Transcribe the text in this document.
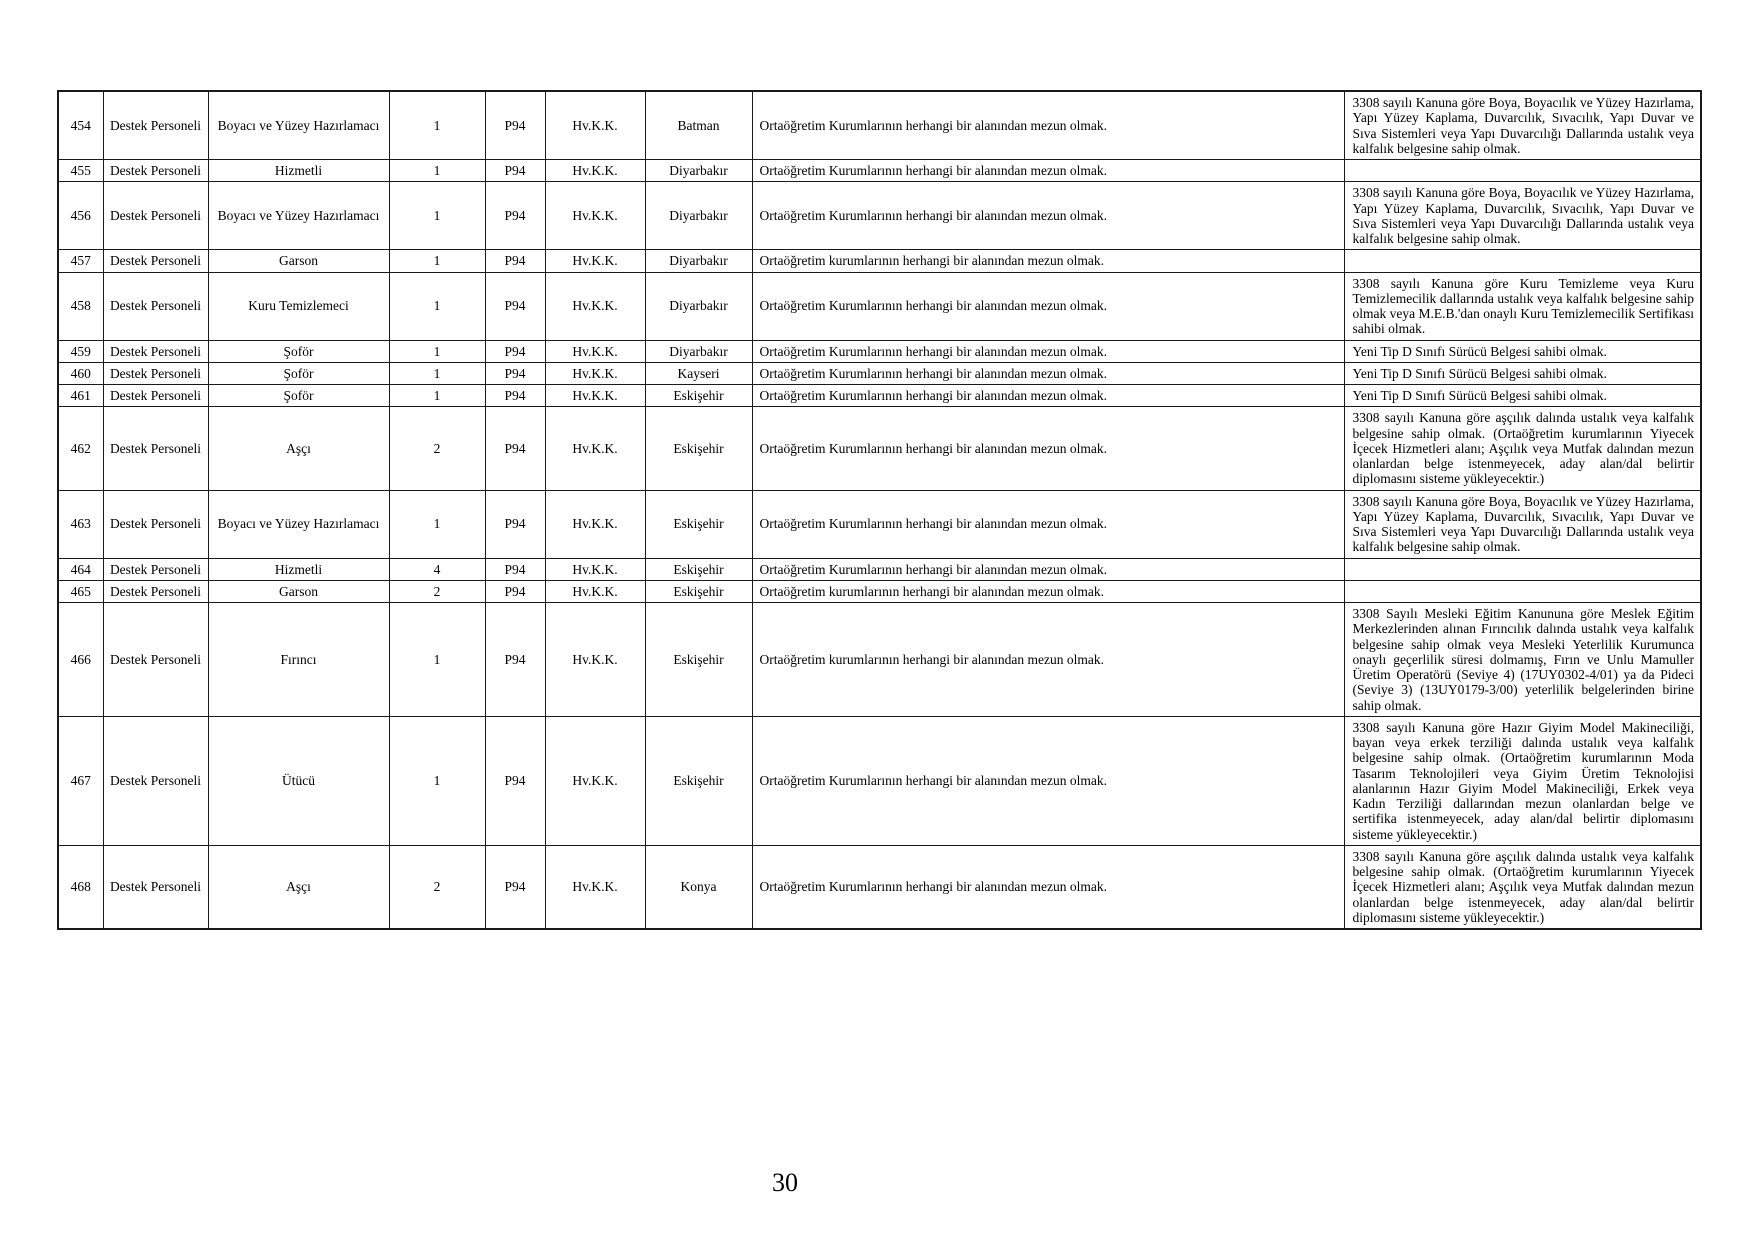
454	Destek Personeli	Boyacı ve Yüzey Hazırlamacı	1	P94	Hv.K.K.	Batman	Ortaöğretim Kurumlarının herhangi bir alanından mezun olmak.	3308 sayılı Kanuna göre Boya, Boyacılık ve Yüzey Hazırlama, Yapı Yüzey Kaplama, Duvarcılık, Sıvacılık, Yapı Duvar ve Sıva Sistemleri veya Yapı Duvarcılığı Dallarında ustalık veya kalfalık belgesine sahip olmak.
455	Destek Personeli	Hizmetli	1	P94	Hv.K.K.	Diyarbakır	Ortaöğretim Kurumlarının herhangi bir alanından mezun olmak.	
456	Destek Personeli	Boyacı ve Yüzey Hazırlamacı	1	P94	Hv.K.K.	Diyarbakır	Ortaöğretim Kurumlarının herhangi bir alanından mezun olmak.	3308 sayılı Kanuna göre Boya, Boyacılık ve Yüzey Hazırlama, Yapı Yüzey Kaplama, Duvarcılık, Sıvacılık, Yapı Duvar ve Sıva Sistemleri veya Yapı Duvarcılığı Dallarında ustalık veya kalfalık belgesine sahip olmak.
457	Destek Personeli	Garson	1	P94	Hv.K.K.	Diyarbakır	Ortaöğretim kurumlarının herhangi bir alanından mezun olmak.	
458	Destek Personeli	Kuru Temizlemeci	1	P94	Hv.K.K.	Diyarbakır	Ortaöğretim Kurumlarının herhangi bir alanından mezun olmak.	3308 sayılı Kanuna göre Kuru Temizleme veya Kuru Temizlemecilik dallarında ustalık veya kalfalık belgesine sahip olmak veya M.E.B.'dan onaylı Kuru Temizlemecilik Sertifikası sahibi olmak.
459	Destek Personeli	Şoför	1	P94	Hv.K.K.	Diyarbakır	Ortaöğretim Kurumlarının herhangi bir alanından mezun olmak.	Yeni Tip D Sınıfı Sürücü Belgesi sahibi olmak.
460	Destek Personeli	Şoför	1	P94	Hv.K.K.	Kayseri	Ortaöğretim Kurumlarının herhangi bir alanından mezun olmak.	Yeni Tip D Sınıfı Sürücü Belgesi sahibi olmak.
461	Destek Personeli	Şoför	1	P94	Hv.K.K.	Eskişehir	Ortaöğretim Kurumlarının herhangi bir alanından mezun olmak.	Yeni Tip D Sınıfı Sürücü Belgesi sahibi olmak.
462	Destek Personeli	Aşçı	2	P94	Hv.K.K.	Eskişehir	Ortaöğretim Kurumlarının herhangi bir alanından mezun olmak.	3308 sayılı Kanuna göre aşçılık dalında ustalık veya kalfalık belgesine sahip olmak. (Ortaöğretim kurumlarının Yiyecek İçecek Hizmetleri alanı; Aşçılık veya Mutfak dalından mezun olanlardan belge istenmeyecek, aday alan/dal belirtir diplomasını sisteme yükleyecektir.)
463	Destek Personeli	Boyacı ve Yüzey Hazırlamacı	1	P94	Hv.K.K.	Eskişehir	Ortaöğretim Kurumlarının herhangi bir alanından mezun olmak.	3308 sayılı Kanuna göre Boya, Boyacılık ve Yüzey Hazırlama, Yapı Yüzey Kaplama, Duvarcılık, Sıvacılık, Yapı Duvar ve Sıva Sistemleri veya Yapı Duvarcılığı Dallarında ustalık veya kalfalık belgesine sahip olmak.
464	Destek Personeli	Hizmetli	4	P94	Hv.K.K.	Eskişehir	Ortaöğretim Kurumlarının herhangi bir alanından mezun olmak.	
465	Destek Personeli	Garson	2	P94	Hv.K.K.	Eskişehir	Ortaöğretim kurumlarının herhangi bir alanından mezun olmak.	
466	Destek Personeli	Fırıncı	1	P94	Hv.K.K.	Eskişehir	Ortaöğretim kurumlarının herhangi bir alanından mezun olmak.	3308 Sayılı Mesleki Eğitim Kanununa göre Meslek Eğitim Merkezlerinden alınan Fırıncılık dalında ustalık veya kalfalık belgesine sahip olmak veya Mesleki Yeterlilik Kurumunca onaylı geçerlilik süresi dolmamış, Fırın ve Unlu Mamuller Üretim Operatörü (Seviye 4) (17UY0302-4/01) ya da Pideci (Seviye 3) (13UY0179-3/00) yeterlilik belgelerinden birine sahip olmak.
467	Destek Personeli	Ütücü	1	P94	Hv.K.K.	Eskişehir	Ortaöğretim Kurumlarının herhangi bir alanından mezun olmak.	3308 sayılı Kanuna göre Hazır Giyim Model Makineciliği, bayan veya erkek terziliği dalında ustalık veya kalfalık belgesine sahip olmak. (Ortaöğretim kurumlarının Moda Tasarım Teknolojileri veya Giyim Üretim Teknolojisi alanlarının Hazır Giyim Model Makineciliği, Erkek veya Kadın Terziliği dallarından mezun olanlardan belge ve sertifika istenmeyecek, aday alan/dal belirtir diplomasını sisteme yükleyecektir.)
468	Destek Personeli	Aşçı	2	P94	Hv.K.K.	Konya	Ortaöğretim Kurumlarının herhangi bir alanından mezun olmak.	3308 sayılı Kanuna göre aşçılık dalında ustalık veya kalfalık belgesine sahip olmak. (Ortaöğretim kurumlarının Yiyecek İçecek Hizmetleri alanı; Aşçılık veya Mutfak dalından mezun olanlardan belge istenmeyecek, aday alan/dal belirtir diplomasını sisteme yükleyecektir.)
30
